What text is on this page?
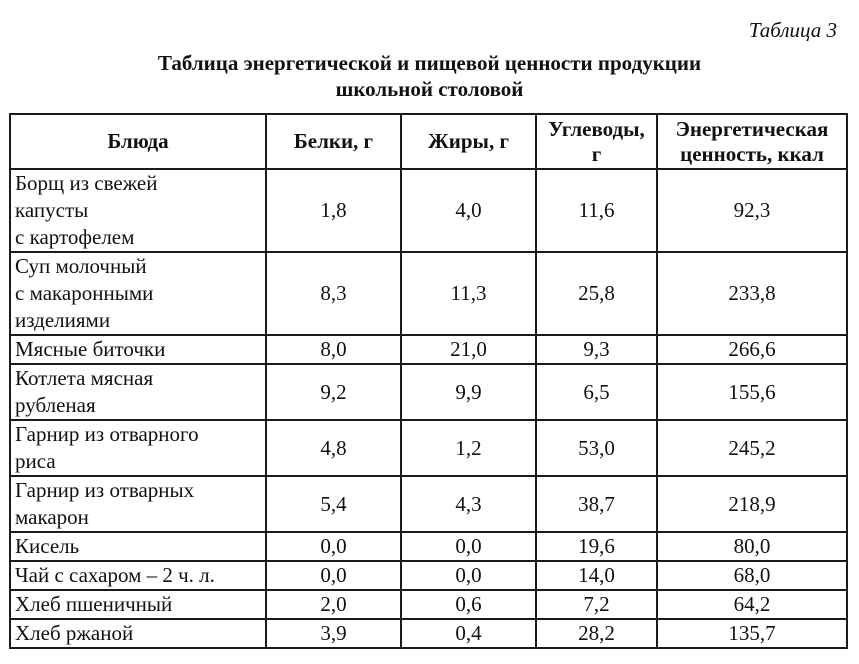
Таблица 3
Таблица энергетической и пищевой ценности продукции
школьной столовой
Блюда	Белки, г	Жиры, г	Углеводы, г	Энергетическая ценность, ккал
Борщ из свежей
капусты
с картофелем	1,8	4,0	11,6	92,3
Суп молочный
с макаронными
изделиями	8,3	11,3	25,8	233,8
Мясные биточки	8,0	21,0	9,3	266,6
Котлета мясная
рубленая	9,2	9,9	6,5	155,6
Гарнир из отварного
риса	4,8	1,2	53,0	245,2
Гарнир из отварных
макарон	5,4	4,3	38,7	218,9
Кисель	0,0	0,0	19,6	80,0
Чай с сахаром – 2 ч. л.	0,0	0,0	14,0	68,0
Хлеб пшеничный	2,0	0,6	7,2	64,2
Хлеб ржаной	3,9	0,4	28,2	135,7
